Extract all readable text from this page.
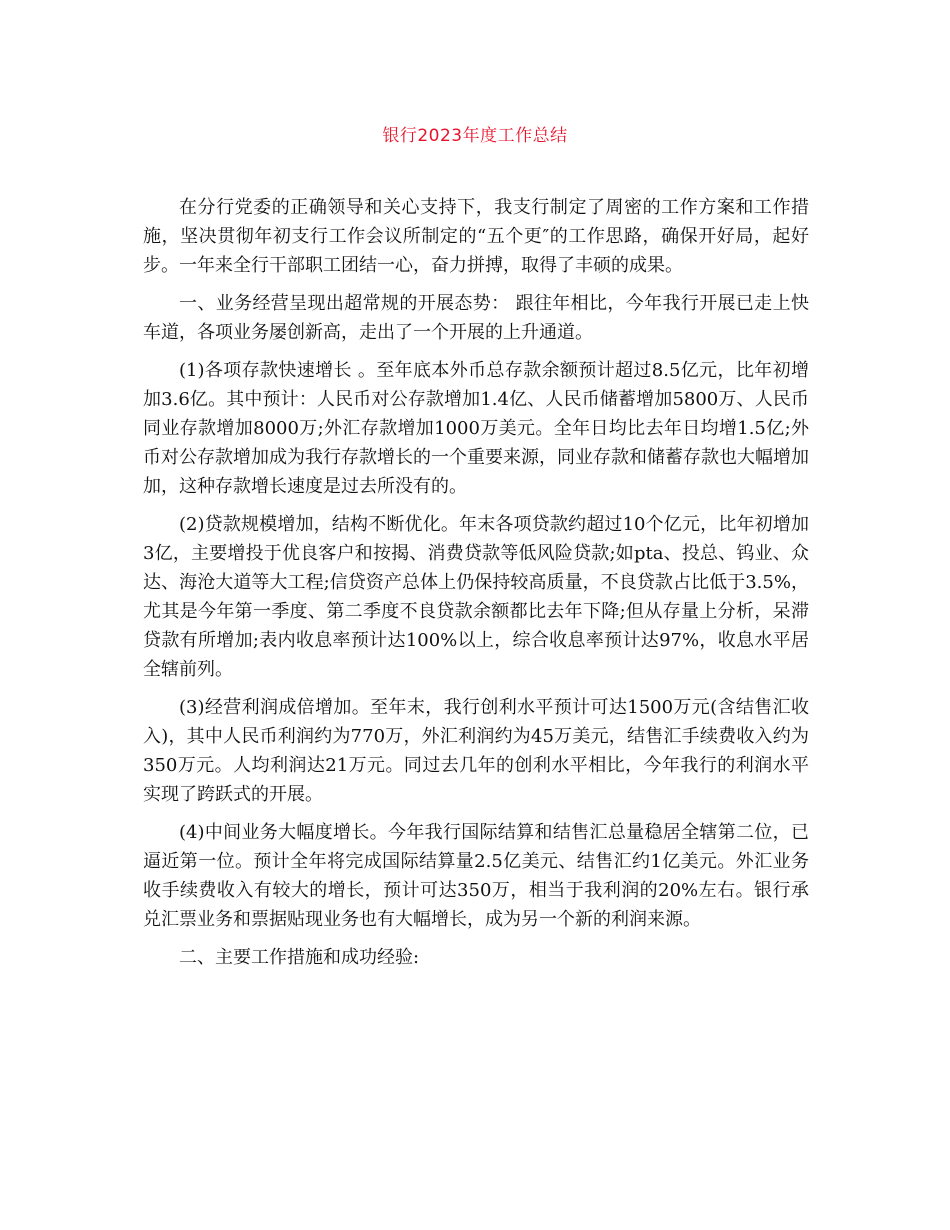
银行2023年度工作总结

在分行党委的正确领导和关心支持下，我支行制定了周密的工作方案和工作措施，坚决贯彻年初支行工作会议所制定的“五个更″的工作思路，确保开好局，起好步。一年来全行干部职工团结一心，奋力拼搏，取得了丰硕的成果。

一、业务经营呈现出超常规的开展态势： 跟往年相比，今年我行开展已走上快车道，各项业务屡创新高，走出了一个开展的上升通道。

(1)各项存款快速增长 。至年底本外币总存款余额预计超过8.5亿元，比年初增加3.6亿。其中预计：人民币对公存款增加1.4亿、人民币储蓄增加5800万、人民币同业存款增加8000万;外汇存款增加1000万美元。全年日均比去年日均增1.5亿;外币对公存款增加成为我行存款增长的一个重要来源，同业存款和储蓄存款也大幅增加加，这种存款增长速度是过去所没有的。

(2)贷款规模增加，结构不断优化。年末各项贷款约超过10个亿元，比年初增加3亿，主要增投于优良客户和按揭、消费贷款等低风险贷款;如pta、投总、钨业、众达、海沧大道等大工程;信贷资产总体上仍保持较高质量，不良贷款占比低于3.5%，尤其是今年第一季度、第二季度不良贷款余额都比去年下降;但从存量上分析，呆滞贷款有所增加;表内收息率预计达100%以上，综合收息率预计达97%，收息水平居全辖前列。

(3)经营利润成倍增加。至年末，我行创利水平预计可达1500万元(含结售汇收入)，其中人民币利润约为770万，外汇利润约为45万美元，结售汇手续费收入约为350万元。人均利润达21万元。同过去几年的创利水平相比，今年我行的利润水平实现了跨跃式的开展。

(4)中间业务大幅度增长。今年我行国际结算和结售汇总量稳居全辖第二位，已逼近第一位。预计全年将完成国际结算量2.5亿美元、结售汇约1亿美元。外汇业务收手续费收入有较大的增长，预计可达350万，相当于我利润的20%左右。银行承兑汇票业务和票据贴现业务也有大幅增长，成为另一个新的利润来源。

二、主要工作措施和成功经验:
